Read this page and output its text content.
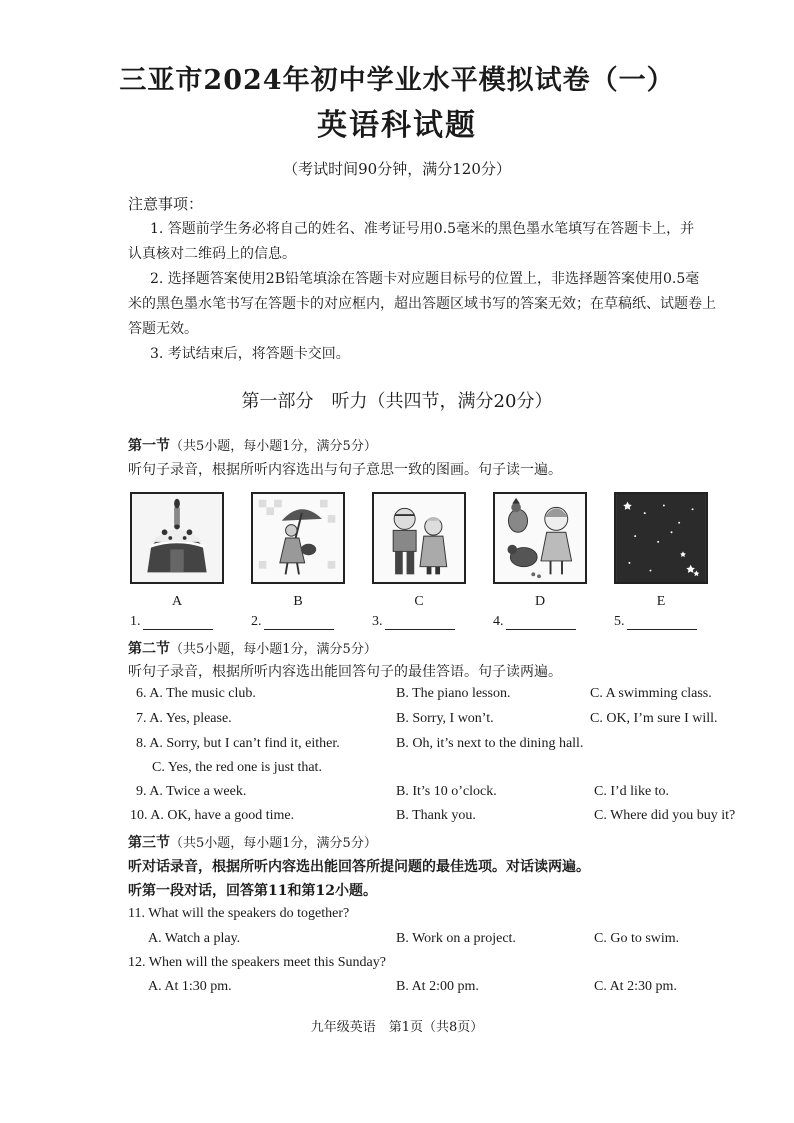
三亚市2024年初中学业水平模拟试卷（一）
英语科试题
（考试时间90分钟，满分120分）
注意事项：
1. 答题前学生务必将自己的姓名、准考证号用0.5毫米的黑色墨水笔填写在答题卡上，并
认真核对二维码上的信息。
2. 选择题答案使用2B铅笔填涂在答题卡对应题目标号的位置上，非选择题答案使用0.5毫
米的黑色墨水笔书写在答题卡的对应框内，超出答题区域书写的答案无效；在草稿纸、试题卷上
答题无效。
3. 考试结束后，将答题卡交回。
第一部分　听力（共四节，满分20分）
第一节（共5小题，每小题1分，满分5分）
听句子录音，根据所听内容选出与句子意思一致的图画。句子读一遍。
A	B	C	D	E
1.	2.	3.	4.	5.
第二节（共5小题，每小题1分，满分5分）
听句子录音，根据所听内容选出能回答句子的最佳答语。句子读两遍。
6. A. The music club.	B. The piano lesson.	C. A swimming class.
7. A. Yes, please.	B. Sorry, I won’t.	C. OK, I’m sure I will.
8. A. Sorry, but I can’t find it, either.	B. Oh, it’s next to the dining hall.
C. Yes, the red one is just that.
9. A. Twice a week.	B. It’s 10 o’clock.	C. I’d like to.
10. A. OK, have a good time.	B. Thank you.	C. Where did you buy it?
第三节（共5小题，每小题1分，满分5分）
听对话录音，根据所听内容选出能回答所提问题的最佳选项。对话读两遍。
听第一段对话，回答第11和第12小题。
11. What will the speakers do together?
A. Watch a play.	B. Work on a project.	C. Go to swim.
12. When will the speakers meet this Sunday?
A. At 1:30 pm.	B. At 2:00 pm.	C. At 2:30 pm.
九年级英语　第1页（共8页）
